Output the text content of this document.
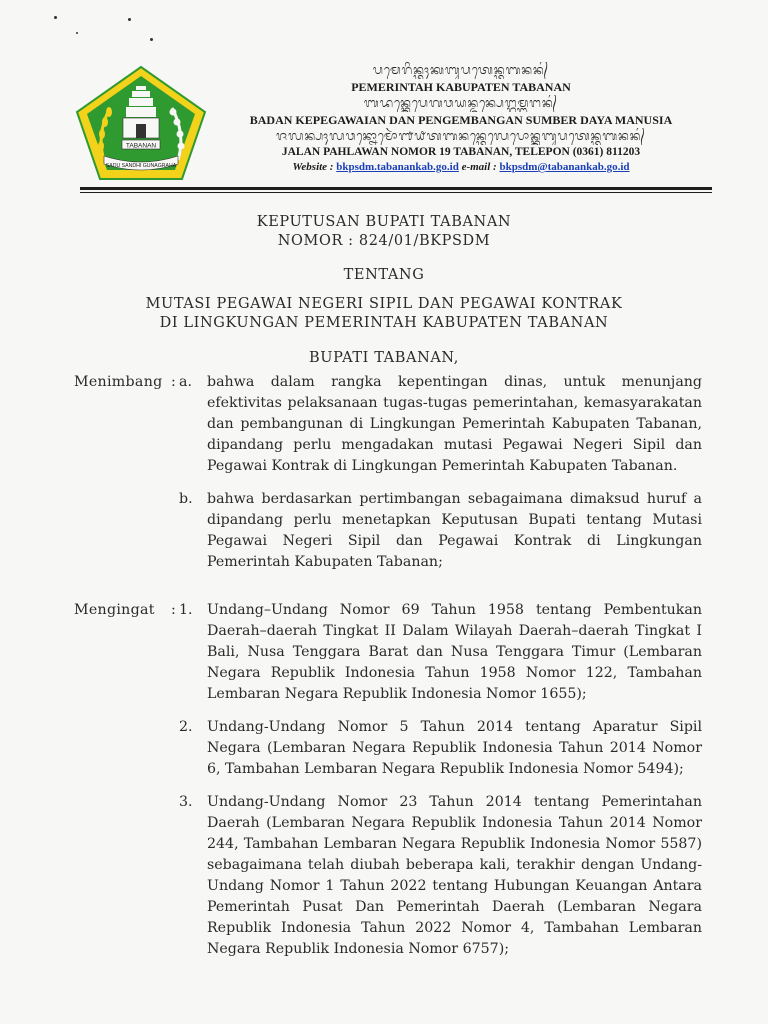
TABANAN
SADU SANDHI GUNAGRAHA
ᬧᬫᬾᬭᬶᬦ᭄ᬢᬄᬓᬩᬸᬧᬢᬾᬦ᭄ᬢᬩᬦᬦ᭄
PEMERINTAH KABUPATEN TABANAN
ᬩᬤᬦ᭄ᬓᬾᬧᬾᬕᬯᬬᬦ᭄ᬤᬦ᭄ᬧᬾᬗ᭄ᬕᬫ᭄ᬩᬗᬦ᭄
BADAN KEPEGAWAIAN DAN PENGEMBANGAN SUMBER DAYA MANUSIA
ᬚᬮᬦ᭄ᬧᬄᬮᬯᬦ᭄ᬦᭀᬫᭀᬃ᭑᭙ᬢᬩᬦᬦ᭄ᬢᬾᬮᬾᬧᭀᬦ᭄ᬓᬸᬩᬸᬧᬢᬾᬦ᭄ᬢᬩᬦᬦ᭄
JALAN PAHLAWAN NOMOR 19 TABANAN, TELEPON (0361) 811203
Website : bkpsdm.tabanankab.go.id e-mail : bkpsdm@tabanankab.go.id
KEPUTUSAN BUPATI TABANAN
NOMOR : 824/01/BKPSDM
TENTANG
MUTASI PEGAWAI NEGERI SIPIL DAN PEGAWAI KONTRAK
DI LINGKUNGAN PEMERINTAH KABUPATEN TABANAN
BUPATI TABANAN,
Menimbang : a. bahwa dalam rangka kepentingan dinas, untuk menunjang efektivitas pelaksanaan tugas-tugas pemerintahan, kemasyarakatan dan pembangunan di Lingkungan Pemerintah Kabupaten Tabanan, dipandang perlu mengadakan mutasi Pegawai Negeri Sipil dan Pegawai Kontrak di Lingkungan Pemerintah Kabupaten Tabanan.
b. bahwa berdasarkan pertimbangan sebagaimana dimaksud huruf a dipandang perlu menetapkan Keputusan Bupati tentang Mutasi Pegawai Negeri Sipil dan Pegawai Kontrak di Lingkungan Pemerintah Kabupaten Tabanan;
Mengingat : 1. Undang–Undang Nomor 69 Tahun 1958 tentang Pembentukan Daerah–daerah Tingkat II Dalam Wilayah Daerah–daerah Tingkat I Bali, Nusa Tenggara Barat dan Nusa Tenggara Timur (Lembaran Negara Republik Indonesia Tahun 1958 Nomor 122, Tambahan Lembaran Negara Republik Indonesia Nomor 1655);
2. Undang-Undang Nomor 5 Tahun 2014 tentang Aparatur Sipil Negara (Lembaran Negara Republik Indonesia Tahun 2014 Nomor 6, Tambahan Lembaran Negara Republik Indonesia Nomor 5494);
3. Undang-Undang Nomor 23 Tahun 2014 tentang Pemerintahan Daerah (Lembaran Negara Republik Indonesia Tahun 2014 Nomor 244, Tambahan Lembaran Negara Republik Indonesia Nomor 5587) sebagaimana telah diubah beberapa kali, terakhir dengan Undang-Undang Nomor 1 Tahun 2022 tentang Hubungan Keuangan Antara Pemerintah Pusat Dan Pemerintah Daerah (Lembaran Negara Republik Indonesia Tahun 2022 Nomor 4, Tambahan Lembaran Negara Republik Indonesia Nomor 6757);
